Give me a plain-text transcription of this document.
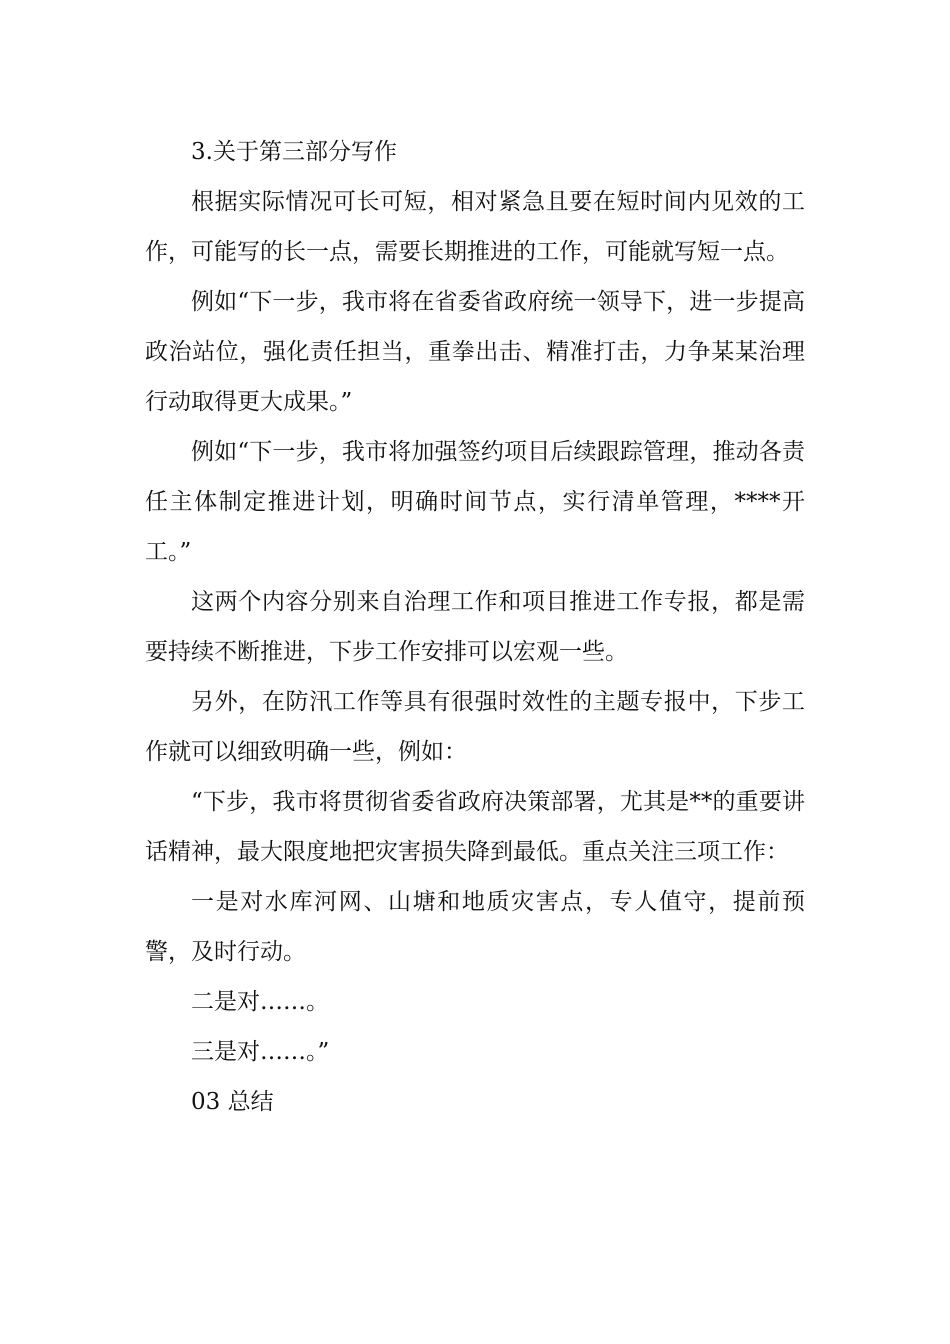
3.关于第三部分写作

根据实际情况可长可短，相对紧急且要在短时间内见效的工作，可能写的长一点，需要长期推进的工作，可能就写短一点。

例如“下一步，我市将在省委省政府统一领导下，进一步提高政治站位，强化责任担当，重拳出击、精准打击，力争某某治理行动取得更大成果。”

例如“下一步，我市将加强签约项目后续跟踪管理，推动各责任主体制定推进计划，明确时间节点，实行清单管理，****开工。”

这两个内容分别来自治理工作和项目推进工作专报，都是需要持续不断推进，下步工作安排可以宏观一些。

另外，在防汛工作等具有很强时效性的主题专报中，下步工作就可以细致明确一些，例如：

“下步，我市将贯彻省委省政府决策部署，尤其是**的重要讲话精神，最大限度地把灾害损失降到最低。重点关注三项工作：

一是对水库河网、山塘和地质灾害点，专人值守，提前预警，及时行动。

二是对……。

三是对……。”

03 总结
